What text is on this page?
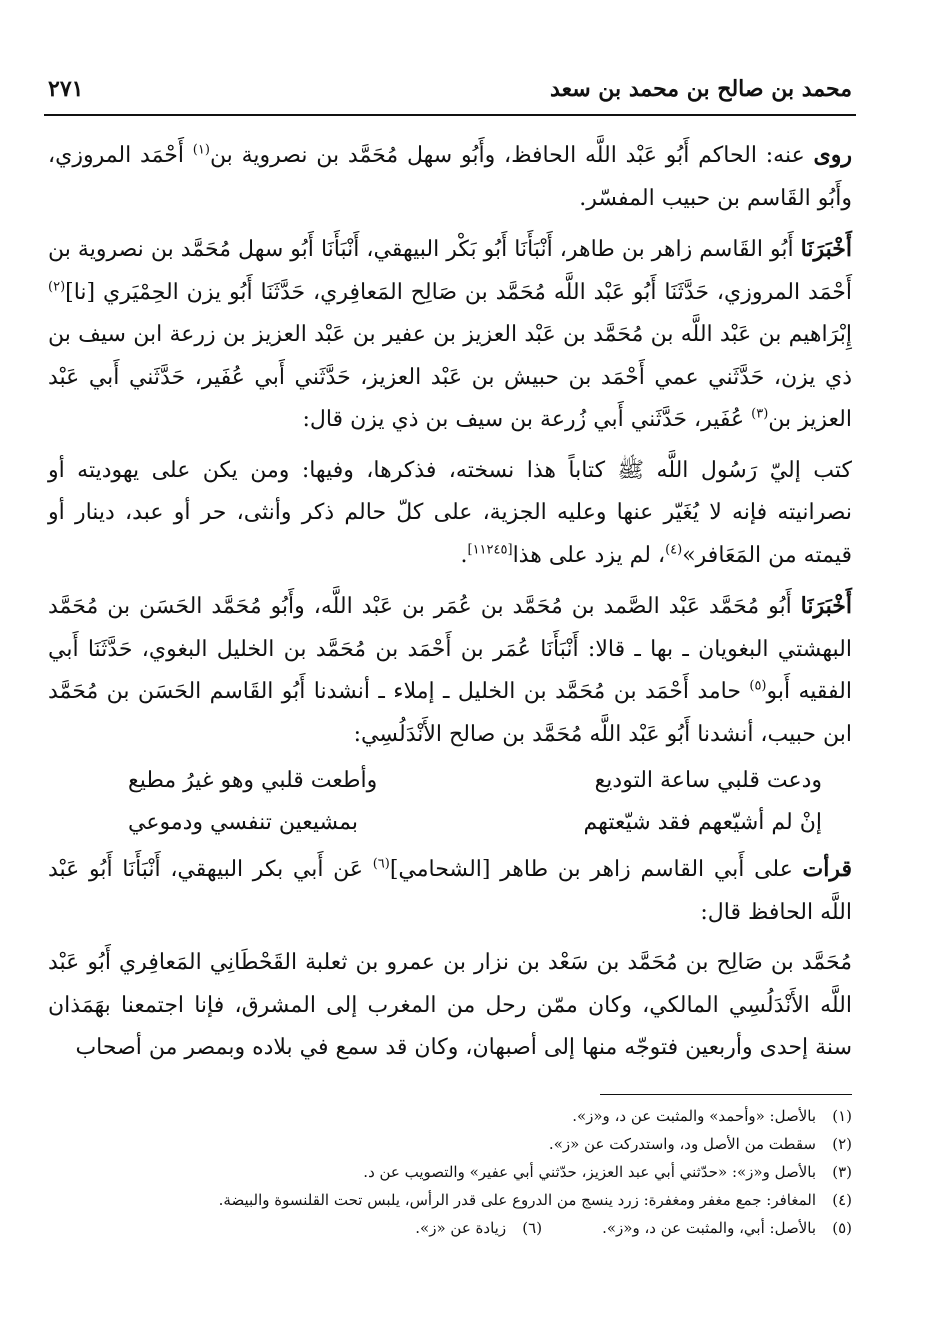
محمد بن صالح بن محمد بن سعد
٢٧١

روى عنه: الحاكم أَبُو عَبْد اللَّه الحافظ، وأَبُو سهل مُحَمَّد بن نصروية بن$^{(١)}$ أَحْمَد المروزي، وأَبُو القَاسم بن حبيب المفسّر.

أَخْبَرَنَا أَبُو القَاسم زاهر بن طاهر، أَنْبَأَنَا أَبُو بَكْر البيهقي، أَنْبَأَنَا أَبُو سهل مُحَمَّد بن نصروية بن أَحْمَد المروزي، حَدَّثَنَا أَبُو عَبْد اللَّه مُحَمَّد بن صَالِح المَعافِري، حَدَّثَنَا أَبُو يزن الحِمْيَري [نا]$^{(٢)}$ إِبْرَاهيم بن عَبْد اللَّه بن مُحَمَّد بن عَبْد العزيز بن عفير بن عَبْد العزيز بن زرعة ابن سيف بن ذي يزن، حَدَّثَني عمي أَحْمَد بن حبيش بن عَبْد العزيز، حَدَّثَني أَبي عُفَير، حَدَّثَني أَبي عَبْد العزيز بن$^{(٣)}$ عُفَير، حَدَّثَني أَبي زُرعة بن سيف بن ذي يزن قال:

كتب إليّ رَسُول اللَّه ﷺ كتاباً هذا نسخته، فذكرها، وفيها: ومن يكن على يهوديته أو نصرانيته فإنه لا يُغَيّر عنها وعليه الجزية، على كلّ حالم ذكر وأنثى، حر أو عبد، دينار أو قيمته من المَعَافر»$^{(٤)}$، لم يزد على هذا[١١٢٤٥].

أَخْبَرَنَا أَبُو مُحَمَّد عَبْد الصَّمد بن مُحَمَّد بن عُمَر بن عَبْد اللَّه، وأَبُو مُحَمَّد الحَسَن بن مُحَمَّد البهشتي البغويان ـ بها ـ قالا: أَنْبَأَنَا عُمَر بن أَحْمَد بن مُحَمَّد بن الخليل البغوي، حَدَّثَنَا أَبي الفقيه أَبو$^{(٥)}$ حامد أَحْمَد بن مُحَمَّد بن الخليل ـ إملاء ـ أنشدنا أَبُو القَاسم الحَسَن بن مُحَمَّد ابن حبيب، أنشدنا أَبُو عَبْد اللَّه مُحَمَّد بن صالح الأَنْدَلُسِي:

ودعت قلبي ساعة التوديع
وأطعت قلبي وهو غيرُ مطيع
إنْ لم أشيّعهم فقد شيّعتهم
بمشيعين تنفسي ودموعي

قرأت على أَبي القاسم زاهر بن طاهر [الشحامي]$^{(٦)}$ عَن أَبي بكر البيهقي، أَنْبَأَنَا أَبُو عَبْد اللَّه الحافظ قال:

مُحَمَّد بن صَالِح بن مُحَمَّد بن سَعْد بن نزار بن عمرو بن ثعلبة القَحْطَانِي المَعافِري أَبُو عَبْد اللَّه الأَنْدَلُسِي المالكي، وكان ممّن رحل من المغرب إلى المشرق، فإنا اجتمعنا بهَمَذان سنة إحدى وأربعين فتوجّه منها إلى أصبهان، وكان قد سمع في بلاده وبمصر من أصحاب

(١)بالأصل: «وأحمد» والمثبت عن د، و«ز».
(٢)سقطت من الأصل ود، واستدركت عن «ز».
(٣)بالأصل و«ز»: «حدّثني أبي عبد العزيز، حدّثني أبي عفير» والتصويب عن د.
(٤)المغافر: جمع مغفر ومغفرة: زرد ينسج من الدروع على قدر الرأس، يلبس تحت القلنسوة والبيضة.
(٥)بالأصل: أبي، والمثبت عن د، و«ز».(٦)زيادة عن «ز».
